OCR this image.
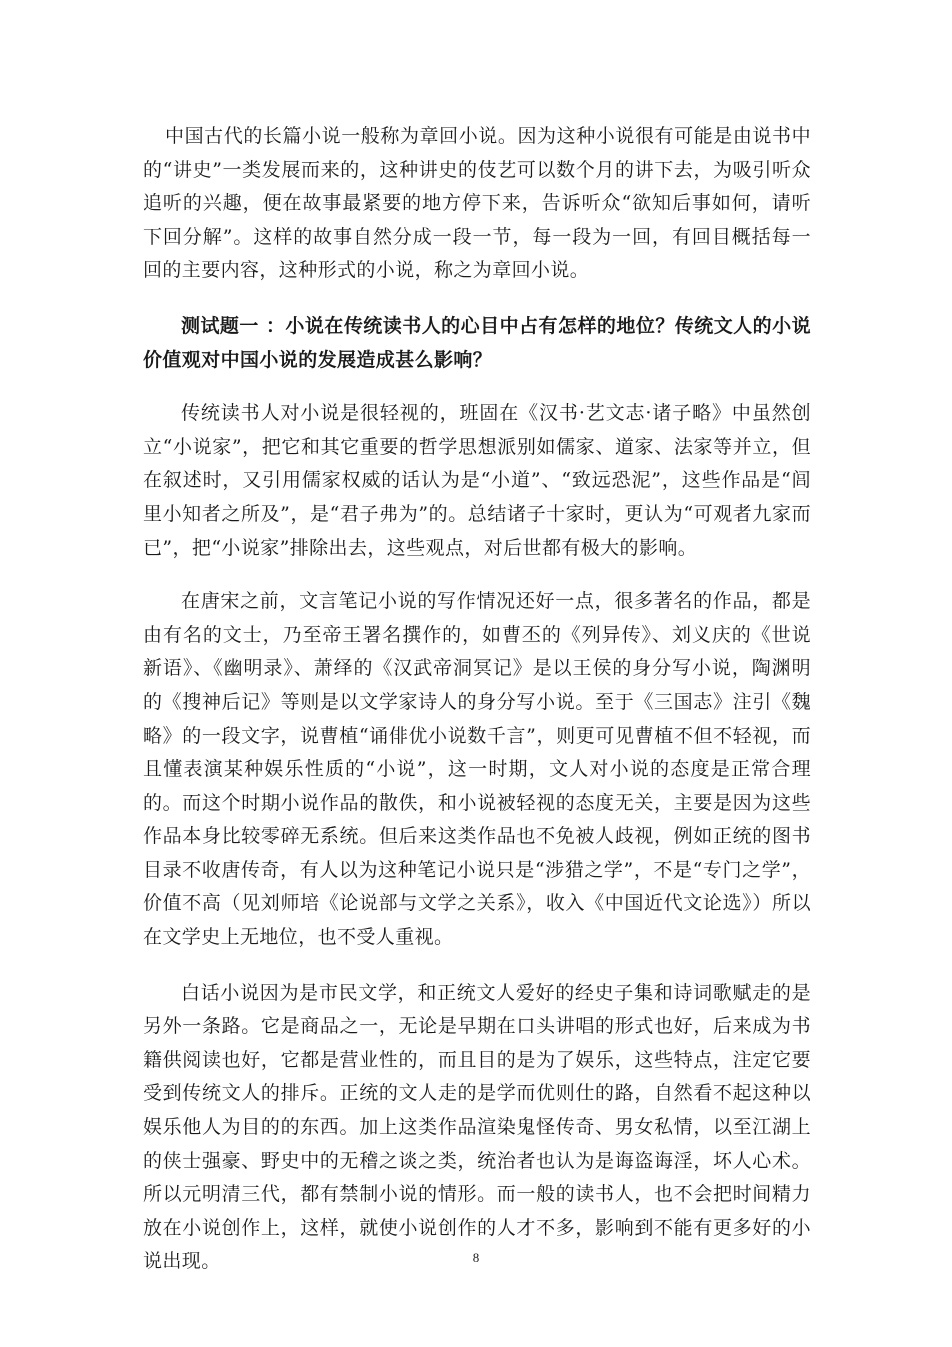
中国古代的长篇小说一般称为章回小说。因为这种小说很有可能是由说书中的“讲史”一类发展而来的，这种讲史的伎艺可以数个月的讲下去，为吸引听众追听的兴趣，便在故事最紧要的地方停下来，告诉听众“欲知后事如何，请听下回分解”。这样的故事自然分成一段一节，每一段为一回，有回目概括每一回的主要内容，这种形式的小说，称之为章回小说。

测试题一 ：小说在传统读书人的心目中占有怎样的地位？传统文人的小说价值观对中国小说的发展造成甚么影响？

传统读书人对小说是很轻视的，班固在《汉书·艺文志·诸子略》中虽然创立“小说家”，把它和其它重要的哲学思想派别如儒家、道家、法家等并立，但在叙述时，又引用儒家权威的话认为是“小道”、“致远恐泥”，这些作品是“闾里小知者之所及”，是“君子弗为”的。总结诸子十家时，更认为“可观者九家而已”，把“小说家”排除出去，这些观点，对后世都有极大的影响。

在唐宋之前，文言笔记小说的写作情况还好一点，很多著名的作品，都是由有名的文士，乃至帝王署名撰作的，如曹丕的《列异传》、刘义庆的《世说新语》、《幽明录》、萧绎的《汉武帝洞冥记》是以王侯的身分写小说，陶渊明的《搜神后记》等则是以文学家诗人的身分写小说。至于《三国志》注引《魏略》的一段文字，说曹植“诵俳优小说数千言”，则更可见曹植不但不轻视，而且懂表演某种娱乐性质的“小说”，这一时期，文人对小说的态度是正常合理的。而这个时期小说作品的散佚，和小说被轻视的态度无关，主要是因为这些作品本身比较零碎无系统。但后来这类作品也不免被人歧视，例如正统的图书目录不收唐传奇，有人以为这种笔记小说只是“涉猎之学”，不是“专门之学”，价值不高（见刘师培《论说部与文学之关系》，收入《中国近代文论选》）所以在文学史上无地位，也不受人重视。

白话小说因为是市民文学，和正统文人爱好的经史子集和诗词歌赋走的是另外一条路。它是商品之一，无论是早期在口头讲唱的形式也好，后来成为书籍供阅读也好，它都是营业性的，而且目的是为了娱乐，这些特点，注定它要受到传统文人的排斥。正统的文人走的是学而优则仕的路，自然看不起这种以娱乐他人为目的的东西。加上这类作品渲染鬼怪传奇、男女私情，以至江湖上的侠士强豪、野史中的无稽之谈之类，统治者也认为是诲盗诲淫，坏人心术。所以元明清三代，都有禁制小说的情形。而一般的读书人，也不会把时间精力放在小说创作上，这样，就使小说创作的人才不多，影响到不能有更多好的小说出现。	8
